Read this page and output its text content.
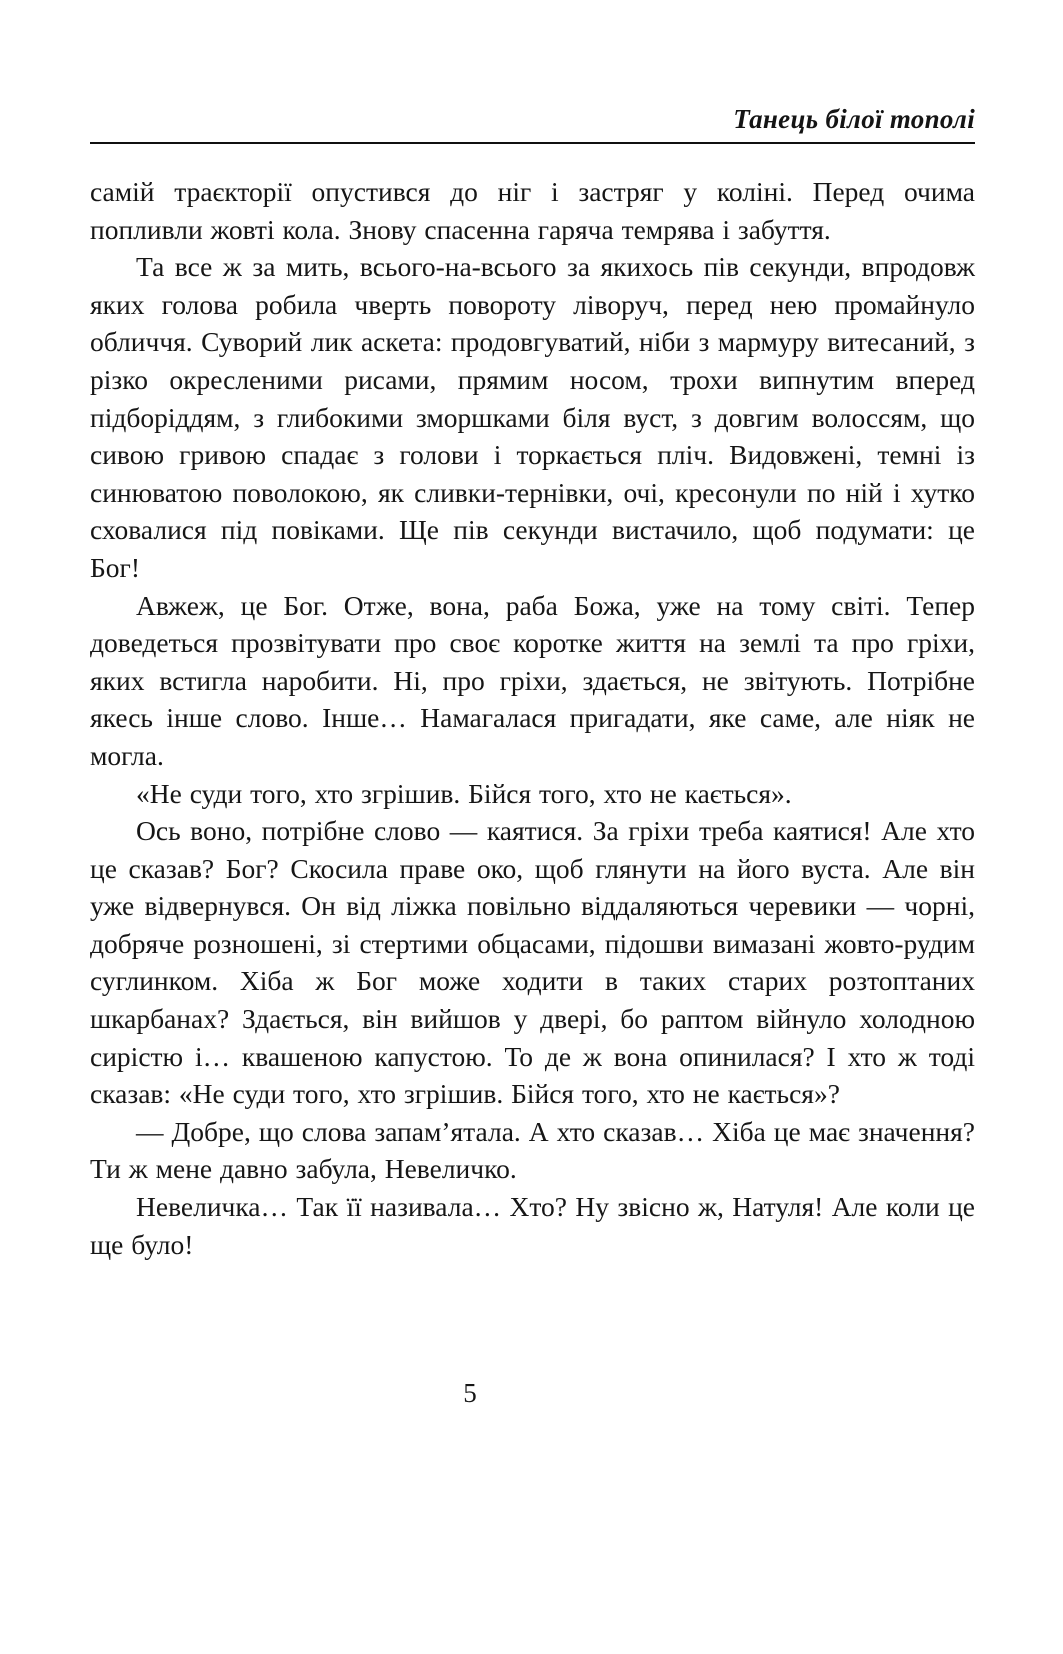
Танець білої тополі

самій траєкторії опустився до ніг і застряг у коліні. Перед очима попливли жовті кола. Знову спасенна гаряча темрява і забуття.

Та все ж за мить, всього-на-всього за якихось пів секунди, впродовж яких голова робила чверть повороту ліворуч, перед нею промайнуло обличчя. Суворий лик аскета: продовгуватий, ніби з мармуру витесаний, з різко окресленими рисами, прямим носом, трохи випнутим вперед підборіддям, з глибокими зморшками біля вуст, з довгим волоссям, що сивою гривою спадає з голови і торкається пліч. Видовжені, темні із синюватою поволокою, як сливки-тернівки, очі, кресонули по ній і хутко сховалися під повіками. Ще пів секунди вистачило, щоб подумати: це Бог!

Авжеж, це Бог. Отже, вона, раба Божа, уже на тому світі. Тепер доведеться прозвітувати про своє коротке життя на землі та про гріхи, яких встигла наробити. Ні, про гріхи, здається, не звітують. Потрібне якесь інше слово. Інше… Намагалася пригадати, яке саме, але ніяк не могла.

«Не суди того, хто згрішив. Бійся того, хто не кається».

Ось воно, потрібне слово — каятися. За гріхи треба каятися! Але хто це сказав? Бог? Скосила праве око, щоб глянути на його вуста. Але він уже відвернувся. Он від ліжка повільно віддаляються черевики — чорні, добряче розношені, зі стертими обцасами, підошви вимазані жовто-рудим суглинком. Хіба ж Бог може ходити в таких старих розтоптаних шкарбанах? Здається, він вийшов у двері, бо раптом війнуло холодною сирістю і… квашеною капустою. То де ж вона опинилася? І хто ж тоді сказав: «Не суди того, хто згрішив. Бійся того, хто не кається»?

— Добре, що слова запам’ятала. А хто сказав… Хіба це має значення? Ти ж мене давно забула, Невеличко.

Невеличка… Так її називала… Хто? Ну звісно ж, Натуля! Але коли це ще було!

5
